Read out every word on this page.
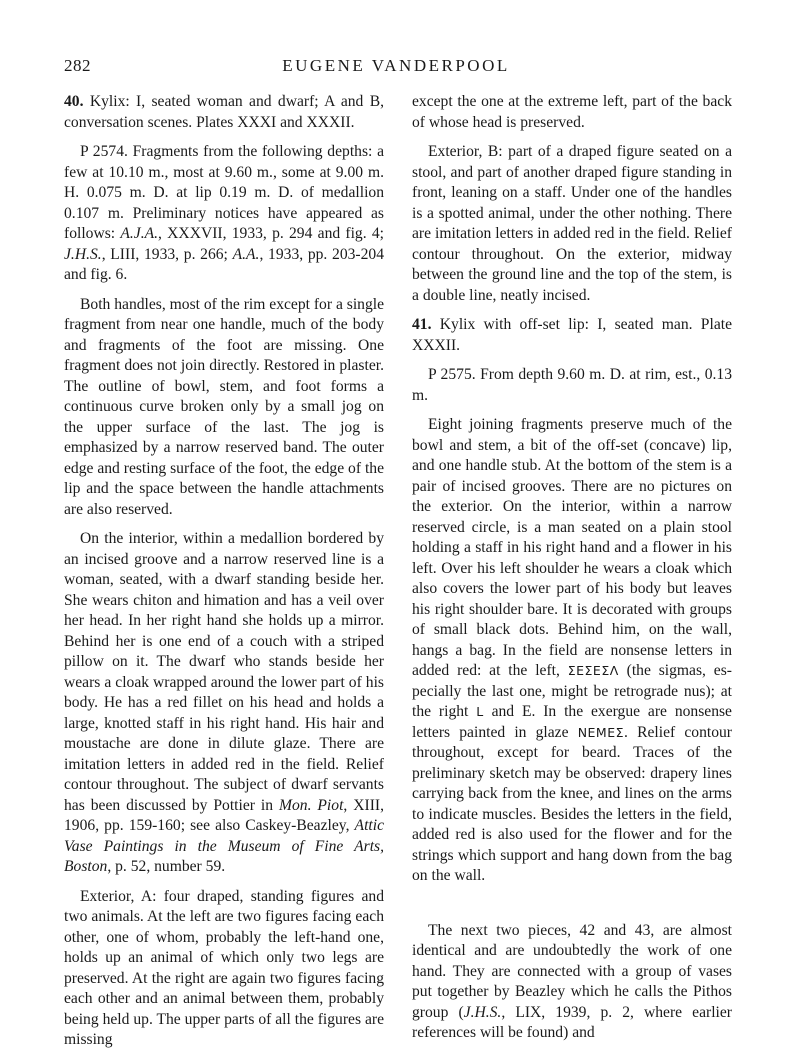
282	EUGENE VANDERPOOL

40. Kylix: I, seated woman and dwarf; A and B, conversation scenes. Plates XXXI and XXXII.

P 2574. Fragments from the following depths: a few at 10.10 m., most at 9.60 m., some at 9.00 m. H. 0.075 m. D. at lip 0.19 m. D. of medallion 0.107 m. Preliminary notices have appeared as follows: A.J.A., XXXVII, 1933, p. 294 and fig. 4; J.H.S., LIII, 1933, p. 266; A.A., 1933, pp. 203-204 and fig. 6.

Both handles, most of the rim except for a single fragment from near one handle, much of the body and fragments of the foot are missing. One fragment does not join directly. Restored in plaster. The outline of bowl, stem, and foot forms a continuous curve broken only by a small jog on the upper surface of the last. The jog is emphasized by a narrow reserved band. The outer edge and resting surface of the foot, the edge of the lip and the space between the handle attachments are also reserved.

On the interior, within a medallion bordered by an incised groove and a narrow reserved line is a woman, seated, with a dwarf standing beside her. She wears chiton and himation and has a veil over her head. In her right hand she holds up a mirror. Behind her is one end of a couch with a striped pillow on it. The dwarf who stands beside her wears a cloak wrapped around the lower part of his body. He has a red fillet on his head and holds a large, knotted staff in his right hand. His hair and moustache are done in dilute glaze. There are imitation letters in added red in the field. Relief contour throughout. The subject of dwarf servants has been discussed by Pottier in Mon. Piot, XIII, 1906, pp. 159-160; see also Caskey-Beazley, Attic Vase Paintings in the Museum of Fine Arts, Boston, p. 52, number 59.

Exterior, A: four draped, standing figures and two animals. At the left are two figures facing each other, one of whom, probably the left-hand one, holds up an animal of which only two legs are preserved. At the right are again two figures facing each other and an animal between them, probably being held up. The upper parts of all the figures are missing

except the one at the extreme left, part of the back of whose head is preserved.

Exterior, B: part of a draped figure seated on a stool, and part of another draped figure standing in front, leaning on a staff. Under one of the handles is a spotted animal, under the other nothing. There are imitation letters in added red in the field. Relief contour throughout. On the exterior, midway between the ground line and the top of the stem, is a double line, neatly incised.

41. Kylix with off-set lip: I, seated man. Plate XXXII.

P 2575. From depth 9.60 m. D. at rim, est., 0.13 m.

Eight joining fragments preserve much of the bowl and stem, a bit of the off-set (concave) lip, and one handle stub. At the bottom of the stem is a pair of incised grooves. There are no pictures on the exterior. On the interior, within a narrow reserved circle, is a man seated on a plain stool holding a staff in his right hand and a flower in his left. Over his left shoulder he wears a cloak which also covers the lower part of his body but leaves his right shoulder bare. It is decorated with groups of small black dots. Behind him, on the wall, hangs a bag. In the field are nonsense letters in added red: at the left, ΣΕΣΕΣΛ (the sigmas, especially the last one, might be retrograde nus); at the right Ⅼ and E. In the exergue are nonsense letters painted in glaze NEMEΣ. Relief contour throughout, except for beard. Traces of the preliminary sketch may be observed: drapery lines carrying back from the knee, and lines on the arms to indicate muscles. Besides the letters in the field, added red is also used for the flower and for the strings which support and hang down from the bag on the wall.

The next two pieces, 42 and 43, are almost identical and are undoubtedly the work of one hand. They are connected with a group of vases put together by Beazley which he calls the Pithos group (J.H.S., LIX, 1939, p. 2, where earlier references will be found) and
